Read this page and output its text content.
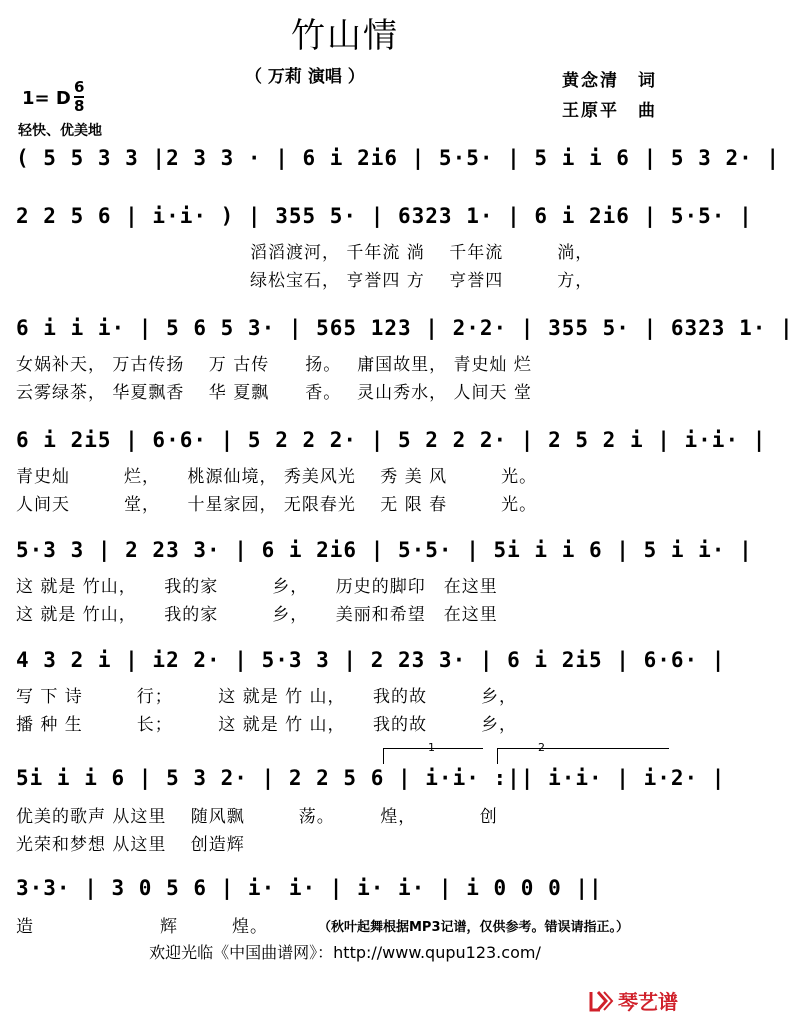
竹山情
（ 万莉 演唱 ）	黄念清　词
王原平　曲
1= D
6
8
轻快、优美地
( 5 5 3 3 |2 3 3 · | 6 i 2i6 | 5·5· | 5 i i 6 | 5 3 2· |
2 2 5 6 | i·i· ) | 355 5· | 6323 1· | 6 i 2i6 | 5·5· |
　　　　　　　　　　　　　滔滔渡河， 千年流 淌　 千年流　　　淌，
　　　　　　　　　　　　　绿松宝石， 亨誉四 方　 亨誉四　　　方，
6 i i i· | 5 6 5 3· | 565 123 | 2·2· | 355 5· | 6323 1· |
女娲补天， 万古传扬　 万 古传　　扬。　 庸国故里， 青史灿 烂
云雾绿茶， 华夏飘香　 华 夏飘　　香。　 灵山秀水， 人间天 堂
6 i 2i5 | 6·6· | 5 2 2 2· | 5 2 2 2· | 2 5 2 i | i·i· |
青史灿　　　烂，　　桃源仙境， 秀美风光　 秀 美 风　　　光。
人间天　　　堂，　　十星家园， 无限春光　 无 限 春　　　光。
5·3 3 | 2 23 3· | 6 i 2i6 | 5·5· | 5i i i 6 | 5 i i· |
这 就是 竹山，　　我的家　　　乡，　　历史的脚印　在这里
这 就是 竹山，　　我的家　　　乡，　　美丽和希望　在这里
4 3 2 i | i2 2· | 5·3 3 | 2 23 3· | 6 i 2i5 | 6·6· |
写 下 诗　　　行；　　　这 就是 竹 山，　　我的故　　　乡，
播 种 生　　　长；　　　这 就是 竹 山，　　我的故　　　乡，
1	2
5i i i 6 | 5 3 2· | 2 2 5 6 | i·i· :|| i·i· | i·2· |
优美的歌声 从这里　 随风飘　　　荡。　　　煌，　　　　创
光荣和梦想 从这里　 创造辉
3·3· | 3 0 5 6 | i· i· | i· i· | i 0 0 0 ||
造　　　　　　　辉　　　煌。	（秋叶起舞根据MP3记谱，仅供参考。错误请指正。）
欢迎光临《中国曲谱网》：http://www.qupu123.com/
琴艺谱
